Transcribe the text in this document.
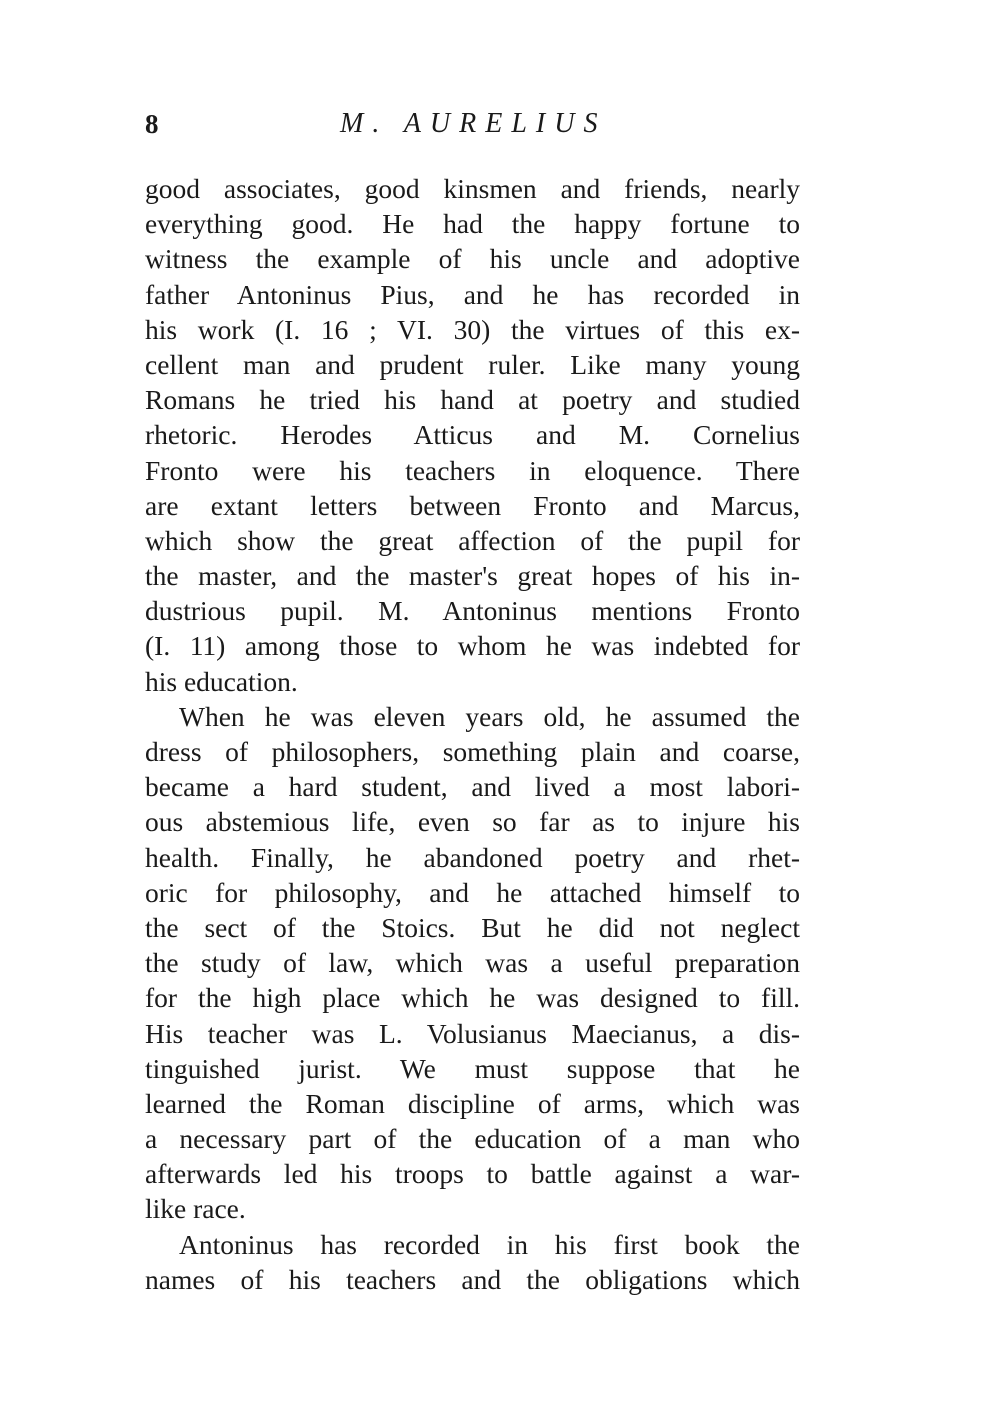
8	M. AURELIUS
good associates, good kinsmen and friends, nearly
everything good. He had the happy fortune to
witness the example of his uncle and adoptive
father Antoninus Pius, and he has recorded in
his work (I. 16 ; VI. 30) the virtues of this ex-
cellent man and prudent ruler. Like many young
Romans he tried his hand at poetry and studied
rhetoric. Herodes Atticus and M. Cornelius
Fronto were his teachers in eloquence. There
are extant letters between Fronto and Marcus,
which show the great affection of the pupil for
the master, and the master's great hopes of his in-
dustrious pupil. M. Antoninus mentions Fronto
(I. 11) among those to whom he was indebted for
his education.
When he was eleven years old, he assumed the
dress of philosophers, something plain and coarse,
became a hard student, and lived a most labori-
ous abstemious life, even so far as to injure his
health. Finally, he abandoned poetry and rhet-
oric for philosophy, and he attached himself to
the sect of the Stoics. But he did not neglect
the study of law, which was a useful preparation
for the high place which he was designed to fill.
His teacher was L. Volusianus Maecianus, a dis-
tinguished jurist. We must suppose that he
learned the Roman discipline of arms, which was
a necessary part of the education of a man who
afterwards led his troops to battle against a war-
like race.
Antoninus has recorded in his first book the
names of his teachers and the obligations which
